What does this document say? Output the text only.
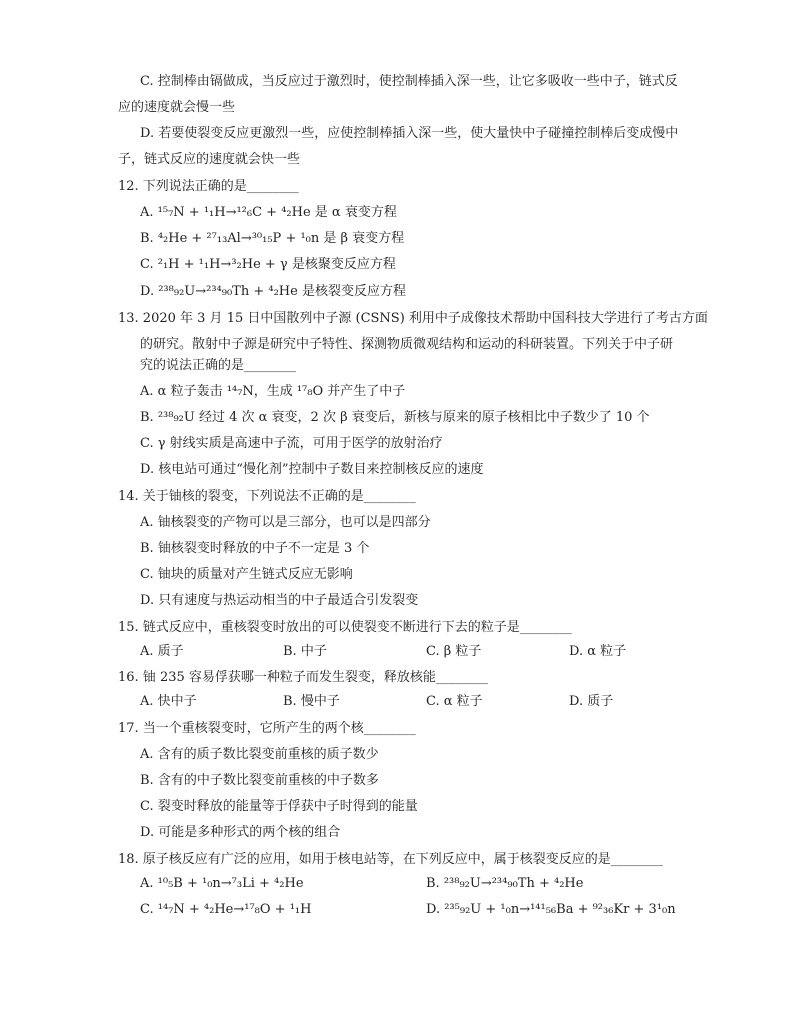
C. 控制棒由镉做成，当反应过于激烈时，使控制棒插入深一些，让它多吸收一些中子，链式反
应的速度就会慢一些
D. 若要使裂变反应更激烈一些，应使控制棒插入深一些，使大量快中子碰撞控制棒后变成慢中
子，链式反应的速度就会快一些
12. 下列说法正确的是________
A. ¹⁵₇N + ¹₁H→¹²₆C + ⁴₂He 是 α 衰变方程
B. ⁴₂He + ²⁷₁₃Al→³⁰₁₅P + ¹₀n 是 β 衰变方程
C. ²₁H + ¹₁H→³₂He + γ 是核聚变反应方程
D. ²³⁸₉₂U→²³⁴₉₀Th + ⁴₂He 是核裂变反应方程
13. 2020 年 3 月 15 日中国散列中子源 (CSNS) 利用中子成像技术帮助中国科技大学进行了考古方面
的研究。散射中子源是研究中子特性、探测物质微观结构和运动的科研装置。下列关于中子研
究的说法正确的是________
A. α 粒子轰击 ¹⁴₇N，生成 ¹⁷₈O 并产生了中子
B. ²³⁸₉₂U 经过 4 次 α 衰变，2 次 β 衰变后，新核与原来的原子核相比中子数少了 10 个
C. γ 射线实质是高速中子流，可用于医学的放射治疗
D. 核电站可通过“慢化剂”控制中子数目来控制核反应的速度
14. 关于铀核的裂变，下列说法不正确的是________
A. 铀核裂变的产物可以是三部分，也可以是四部分
B. 铀核裂变时释放的中子不一定是 3 个
C. 铀块的质量对产生链式反应无影响
D. 只有速度与热运动相当的中子最适合引发裂变
15. 链式反应中，重核裂变时放出的可以使裂变不断进行下去的粒子是________
A. 质子	B. 中子	C. β 粒子	D. α 粒子
16. 铀 235 容易俘获哪一种粒子而发生裂变，释放核能________
A. 快中子	B. 慢中子	C. α 粒子	D. 质子
17. 当一个重核裂变时，它所产生的两个核________
A. 含有的质子数比裂变前重核的质子数少
B. 含有的中子数比裂变前重核的中子数多
C. 裂变时释放的能量等于俘获中子时得到的能量
D. 可能是多种形式的两个核的组合
18. 原子核反应有广泛的应用，如用于核电站等，在下列反应中，属于核裂变反应的是________
A. ¹⁰₅B + ¹₀n→⁷₃Li + ⁴₂He	B. ²³⁸₉₂U→²³⁴₉₀Th + ⁴₂He
C. ¹⁴₇N + ⁴₂He→¹⁷₈O + ¹₁H	D. ²³⁵₉₂U + ¹₀n→¹⁴¹₅₆Ba + ⁹²₃₆Kr + 3¹₀n
